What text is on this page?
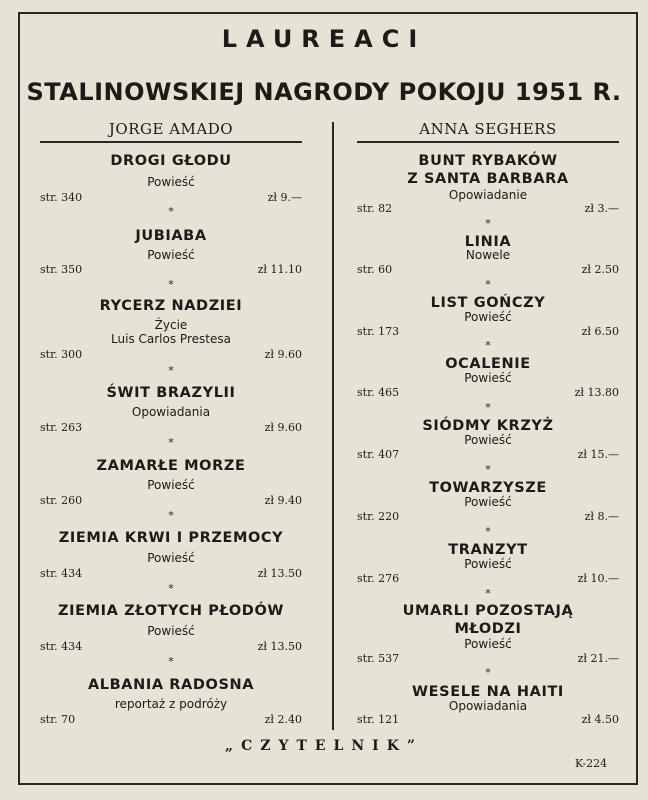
LAUREACI
STALINOWSKIEJ NAGRODY POKOJU 1951 R.
JORGE AMADO	ANNA SEGHERS
DROGI GŁODU
Powieść
str. 340	zł 9.—
*
JUBIABA
Powieść
str. 350	zł 11.10
*
RYCERZ NADZIEI
Życie
Luis Carlos Prestesa
str. 300	zł 9.60
*
ŚWIT BRAZYLII
Opowiadania
str. 263	zł 9.60
*
ZAMARŁE MORZE
Powieść
str. 260	zł 9.40
*
ZIEMIA KRWI I PRZEMOCY
Powieść
str. 434	zł 13.50
*
ZIEMIA ZŁOTYCH PŁODÓW
Powieść
str. 434	zł 13.50
*
ALBANIA RADOSNA
reportaż z podróży
str. 70	zł 2.40
BUNT RYBAKÓW
Z SANTA BARBARA
Opowiadanie
str. 82	zł 3.—
*
LINIA
Nowele
str. 60	zł 2.50
*
LIST GOŃCZY
Powieść
str. 173	zł 6.50
*
OCALENIE
Powieść
str. 465	zł 13.80
*
SIÓDMY KRZYŻ
Powieść
str. 407	zł 15.—
*
TOWARZYSZE
Powieść
str. 220	zł 8.—
*
TRANZYT
Powieść
str. 276	zł 10.—
*
UMARLI POZOSTAJĄ
MŁODZI
Powieść
str. 537	zł 21.—
*
WESELE NA HAITI
Opowiadania
str. 121	zł 4.50
„CZYTELNIK”
K-224
